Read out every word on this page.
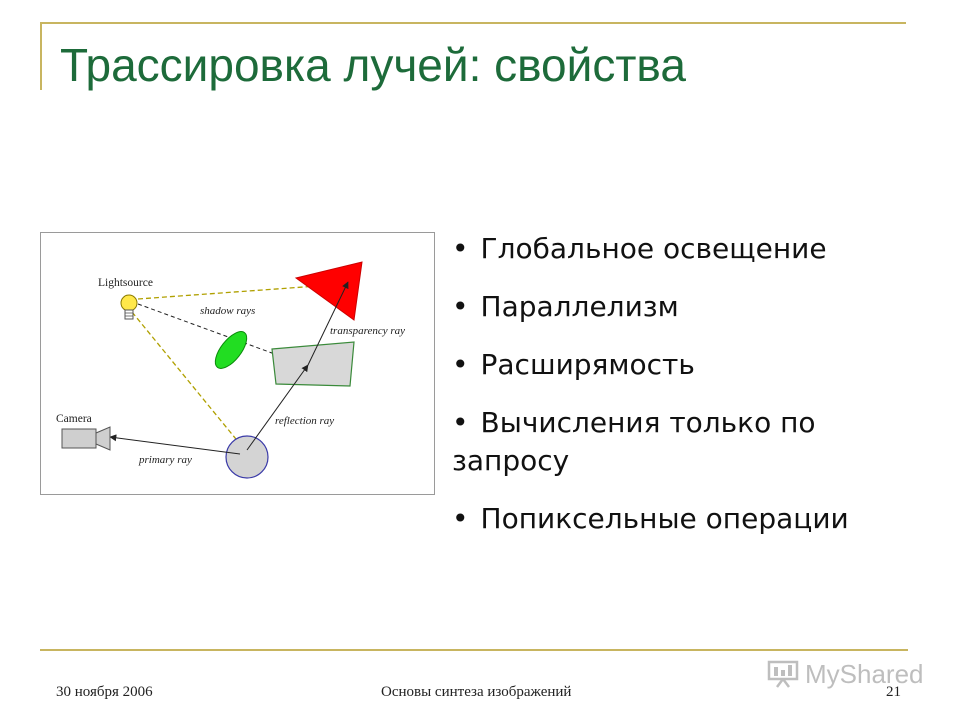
Трассировка лучей: свойства
Lightsource
Camera
shadow rays
transparency ray
reflection ray
primary ray
• Глобальное освещение
• Параллелизм
• Расширямость
• Вычисления только по запросу
• Попиксельные операции
30 ноября 2006	Основы синтеза изображений	21
MyShared
